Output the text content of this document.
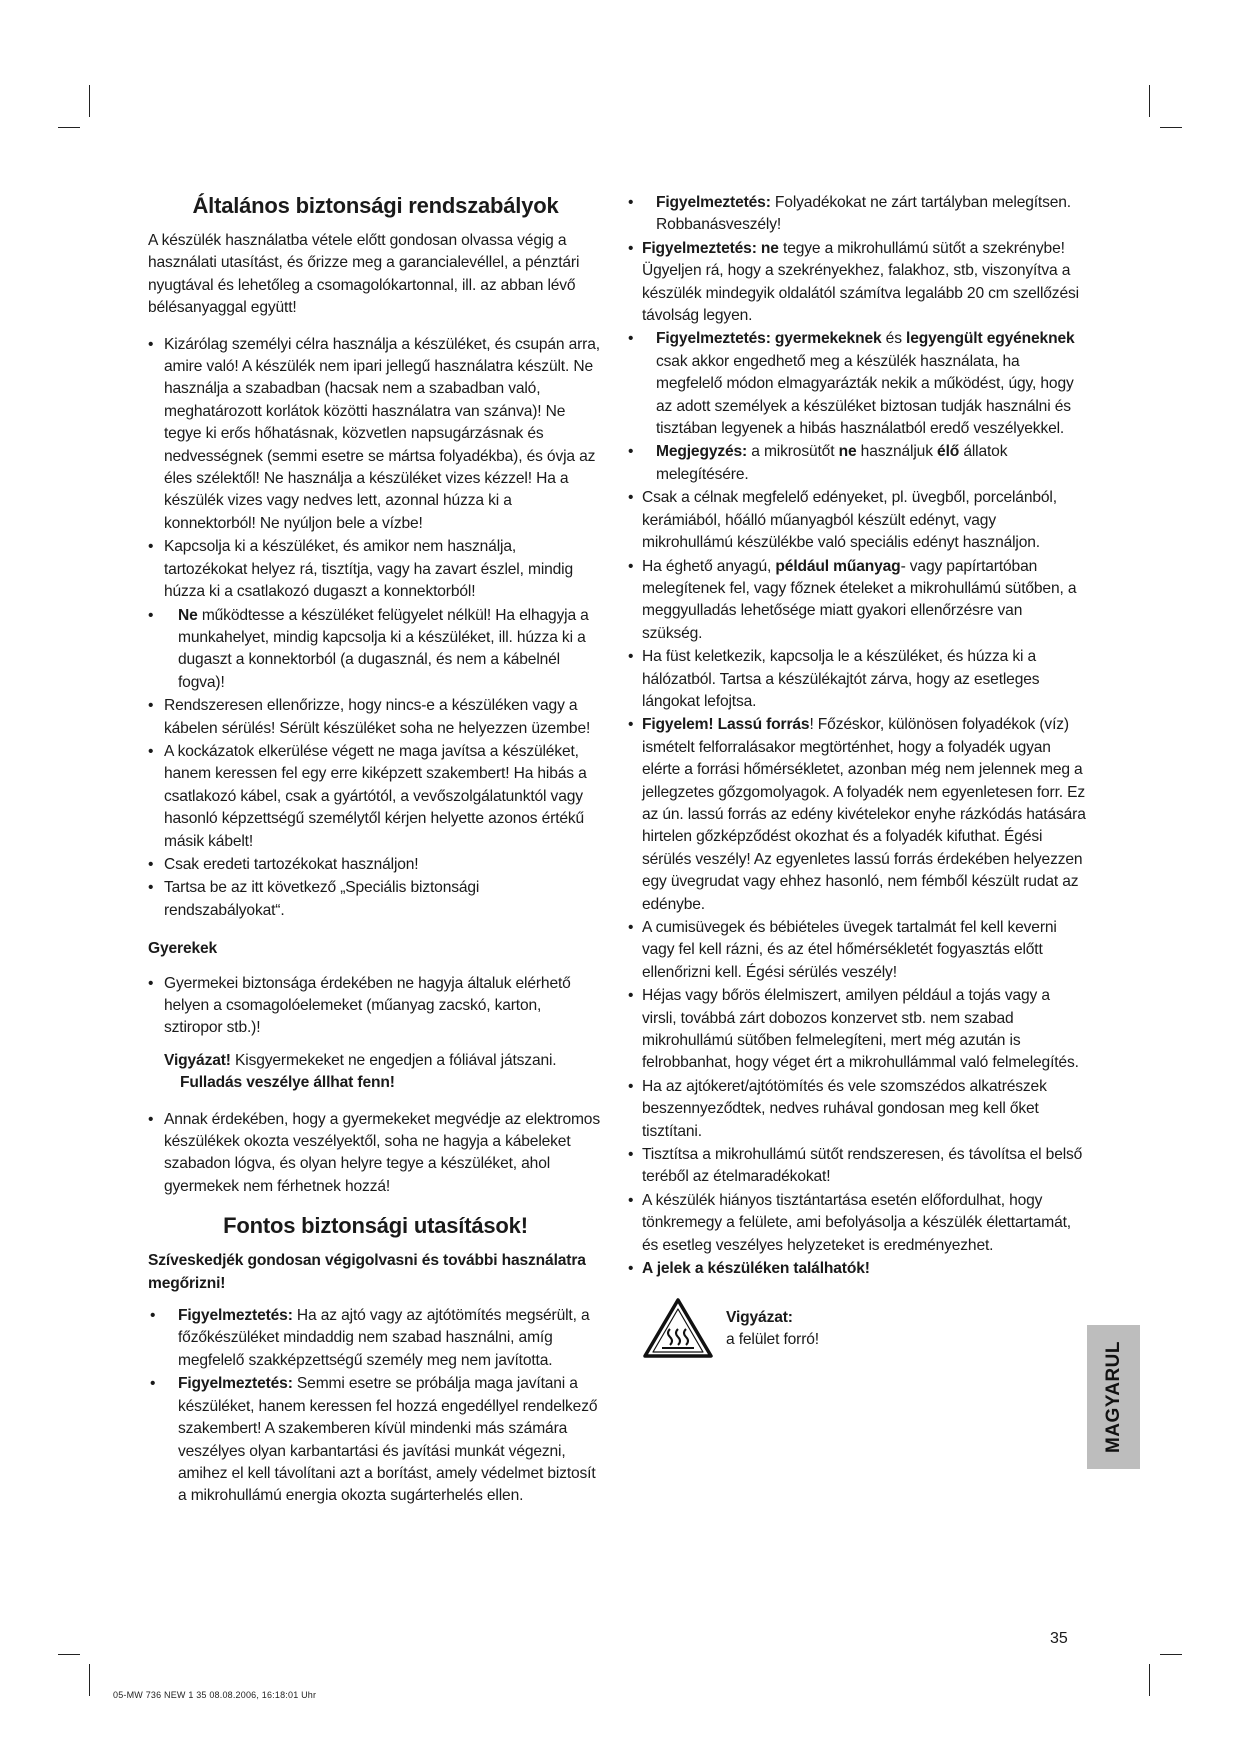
Általános biztonsági rendszabályok

A készülék használatba vétele előtt gondosan olvassa végig a használati utasítást, és őrizze meg a garancialevéllel, a pénztári nyugtával és lehetőleg a csomagolókartonnal, ill. az abban lévő bélésanyaggal együtt!

• Kizárólag személyi célra használja a készüléket, és csupán arra, amire való! A készülék nem ipari jellegű használatra készült. Ne használja a szabadban (hacsak nem a szabadban való, meghatározott korlátok közötti használatra van szánva)! Ne tegye ki erős hőhatásnak, közvetlen napsugárzásnak és nedvességnek (semmi esetre se mártsa folyadékba), és óvja az éles szélektől! Ne használja a készüléket vizes kézzel! Ha a készülék vizes vagy nedves lett, azonnal húzza ki a konnektorból! Ne nyúljon bele a vízbe!
• Kapcsolja ki a készüléket, és amikor nem használja, tartozékokat helyez rá, tisztítja, vagy ha zavart észlel, mindig húzza ki a csatlakozó dugaszt a konnektorból!
• Ne működtesse a készüléket felügyelet nélkül! Ha elhagyja a munkahelyet, mindig kapcsolja ki a készüléket, ill. húzza ki a dugaszt a konnektorból (a dugasznál, és nem a kábelnél fogva)!
• Rendszeresen ellenőrizze, hogy nincs-e a készüléken vagy a kábelen sérülés! Sérült készüléket soha ne helyezzen üzembe!
• A kockázatok elkerülése végett ne maga javítsa a készüléket, hanem keressen fel egy erre kiképzett szakembert! Ha hibás a csatlakozó kábel, csak a gyártótól, a vevőszolgálatunktól vagy hasonló képzettségű személytől kérjen helyette azonos értékű másik kábelt!
• Csak eredeti tartozékokat használjon!
• Tartsa be az itt következő „Speciális biztonsági rendszabályokat“.
Gyerekek
• Gyermekei biztonsága érdekében ne hagyja általuk elérhető helyen a csomagolóelemeket (műanyag zacskó, karton, sztiropor stb.)!
Vigyázat! Kisgyermekeket ne engedjen a fóliával játszani.
Fulladás veszélye állhat fenn!
• Annak érdekében, hogy a gyermekeket megvédje az elektromos készülékek okozta veszélyektől, soha ne hagyja a kábeleket szabadon lógva, és olyan helyre tegye a készüléket, ahol gyermekek nem férhetnek hozzá!
Fontos biztonsági utasítások!
Szíveskedjék gondosan végigolvasni és további használatra megőrizni!
• Figyelmeztetés: Ha az ajtó vagy az ajtótömítés megsérült, a főzőkészüléket mindaddig nem szabad használni, amíg megfelelő szakképzettségű személy meg nem javította.
• Figyelmeztetés: Semmi esetre se próbálja maga javítani a készüléket, hanem keressen fel hozzá engedéllyel rendelkező szakembert! A szakemberen kívül mindenki más számára veszélyes olyan karbantartási és javítási munkát végezni, amihez el kell távolítani azt a borítást, amely védelmet biztosít a mikrohullámú energia okozta sugárterhelés ellen.
• Figyelmeztetés: Folyadékokat ne zárt tartályban melegítsen. Robbanásveszély!
• Figyelmeztetés: ne tegye a mikrohullámú sütőt a szekrénybe! Ügyeljen rá, hogy a szekrényekhez, falakhoz, stb, viszonyítva a készülék mindegyik oldalától számítva legalább 20 cm szellőzési távolság legyen.
• Figyelmeztetés: gyermekeknek és legyengült egyéneknek csak akkor engedhető meg a készülék használata, ha megfelelő módon elmagyarázták nekik a működést, úgy, hogy az adott személyek a készüléket biztosan tudják használni és tisztában legyenek a hibás használatból eredő veszélyekkel.
• Megjegyzés: a mikrosütőt ne használjuk élő állatok melegítésére.
• Csak a célnak megfelelő edényeket, pl. üvegből, porcelánból, kerámiából, hőálló műanyagból készült edényt, vagy mikrohullámú készülékbe való speciális edényt használjon.
• Ha éghető anyagú, például műanyag- vagy papírtartóban melegítenek fel, vagy főznek ételeket a mikrohullámú sütőben, a meggyulladás lehetősége miatt gyakori ellenőrzésre van szükség.
• Ha füst keletkezik, kapcsolja le a készüléket, és húzza ki a hálózatból. Tartsa a készülékajtót zárva, hogy az esetleges lángokat lefojtsa.
• Figyelem! Lassú forrás! Főzéskor, különösen folyadékok (víz) ismételt felforralásakor megtörténhet, hogy a folyadék ugyan elérte a forrási hőmérsékletet, azonban még nem jelennek meg a jellegzetes gőzgomolyagok. A folyadék nem egyenletesen forr. Ez az ún. lassú forrás az edény kivételekor enyhe rázkódás hatására hirtelen gőzképződést okozhat és a folyadék kifuthat. Égési sérülés veszély! Az egyenletes lassú forrás érdekében helyezzen egy üvegrudat vagy ehhez hasonló, nem fémből készült rudat az edénybe.
• A cumisüvegek és bébiételes üvegek tartalmát fel kell keverni vagy fel kell rázni, és az étel hőmérsékletét fogyasztás előtt ellenőrizni kell. Égési sérülés veszély!
• Héjas vagy bőrös élelmiszert, amilyen például a tojás vagy a virsli, továbbá zárt dobozos konzervet stb. nem szabad mikrohullámú sütőben felmelegíteni, mert még azután is felrobbanhat, hogy véget ért a mikrohullámmal való felmelegítés.
• Ha az ajtókeret/ajtótömítés és vele szomszédos alkatrészek beszennyeződtek, nedves ruhával gondosan meg kell őket tisztítani.
• Tisztítsa a mikrohullámú sütőt rendszeresen, és távolítsa el belső teréből az ételmaradékokat!
• A készülék hiányos tisztántartása esetén előfordulhat, hogy tönkremegy a felülete, ami befolyásolja a készülék élettartamát, és esetleg veszélyes helyzeteket is eredményezhet.
• A jelek a készüléken találhatók!
Vigyázat:
a felület forró!
MAGYARUL
35
05-MW 736 NEW 1 35 08.08.2006, 16:18:01 Uhr
